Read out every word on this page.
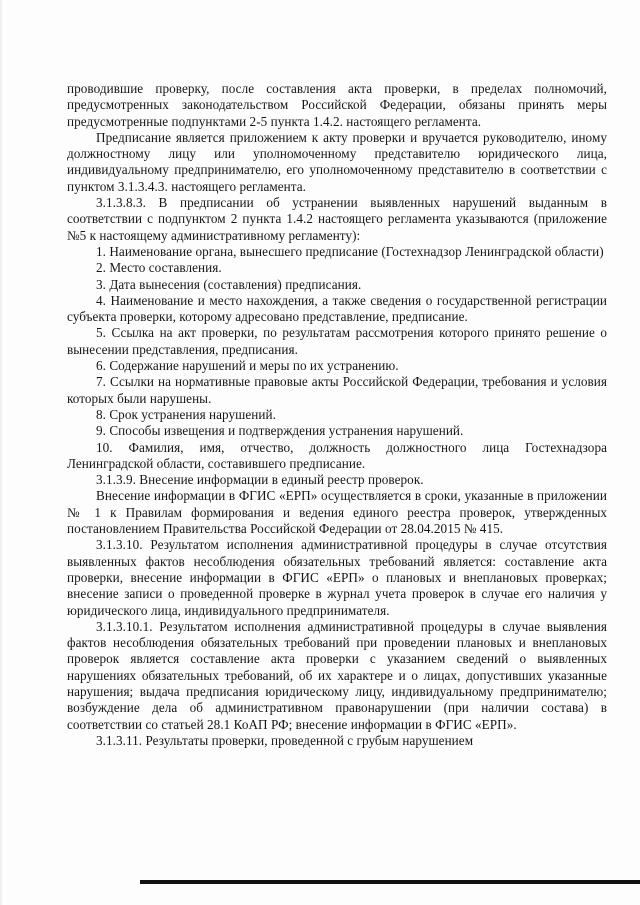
проводившие проверку, после составления акта проверки, в пределах полномочий, предусмотренных законодательством Российской Федерации, обязаны принять меры предусмотренные подпунктами 2-5 пункта 1.4.2. настоящего регламента.

Предписание является приложением к акту проверки и вручается руководителю, иному должностному лицу или уполномоченному представителю юридического лица, индивидуальному предпринимателю, его уполномоченному представителю в соответствии с пунктом 3.1.3.4.3. настоящего регламента.

3.1.3.8.3. В предписании об устранении выявленных нарушений выданным в соответствии с подпунктом 2 пункта 1.4.2 настоящего регламента указываются (приложение №5 к настоящему административному регламенту):

1. Наименование органа, вынесшего предписание (Гостехнадзор Ленинградской области)

2. Место составления.

3. Дата вынесения (составления) предписания.

4. Наименование и место нахождения, а также сведения о государственной регистрации субъекта проверки, которому адресовано представление, предписание.

5. Ссылка на акт проверки, по результатам рассмотрения которого принято решение о вынесении представления, предписания.

6. Содержание нарушений и меры по их устранению.

7. Ссылки на нормативные правовые акты Российской Федерации, требования и условия которых были нарушены.

8. Срок устранения нарушений.

9. Способы извещения и подтверждения устранения нарушений.

10. Фамилия, имя, отчество, должность должностного лица Гостехнадзора Ленинградской области, составившего предписание.

3.1.3.9. Внесение информации в единый реестр проверок.

Внесение информации в ФГИС «ЕРП» осуществляется в сроки, указанные в приложении № 1 к Правилам формирования и ведения единого реестра проверок, утвержденных постановлением Правительства Российской Федерации от 28.04.2015 № 415.

3.1.3.10. Результатом исполнения административной процедуры в случае отсутствия выявленных фактов несоблюдения обязательных требований является: составление акта проверки, внесение информации в ФГИС «ЕРП» о плановых и внеплановых проверках; внесение записи о проведенной проверке в журнал учета проверок в случае его наличия у юридического лица, индивидуального предпринимателя.

3.1.3.10.1. Результатом исполнения административной процедуры в случае выявления фактов несоблюдения обязательных требований при проведении плановых и внеплановых проверок является составление акта проверки с указанием сведений о выявленных нарушениях обязательных требований, об их характере и о лицах, допустивших указанные нарушения; выдача предписания юридическому лицу, индивидуальному предпринимателю; возбуждение дела об административном правонарушении (при наличии состава) в соответствии со статьей 28.1 КоАП РФ; внесение информации в ФГИС «ЕРП».

3.1.3.11. Результаты проверки, проведенной с грубым нарушением
